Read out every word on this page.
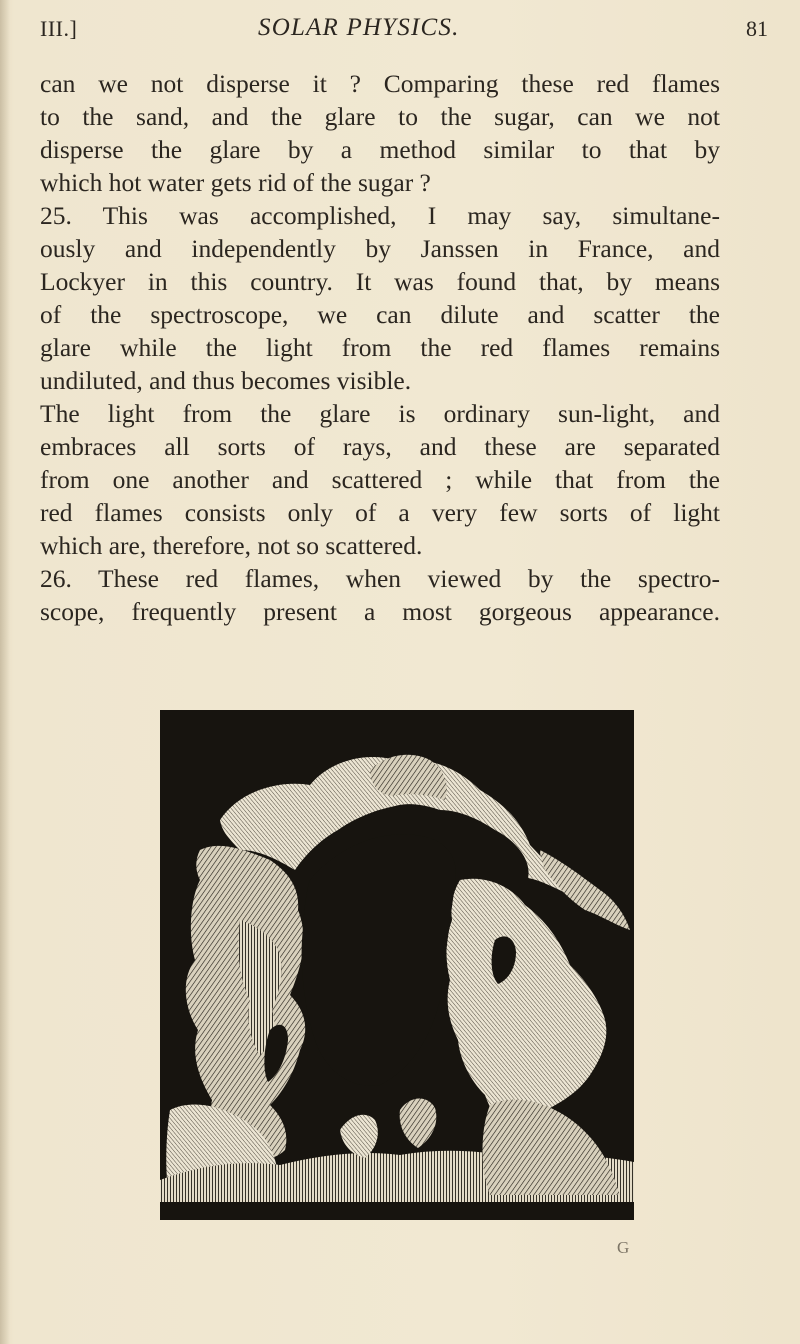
III.]	SOLAR PHYSICS.	81
can we not disperse it ? Comparing these red flames
to the sand, and the glare to the sugar, can we not
disperse the glare by a method similar to that by
which hot water gets rid of the sugar ?
25. This was accomplished, I may say, simultane-
ously and independently by Janssen in France, and
Lockyer in this country. It was found that, by means
of the spectroscope, we can dilute and scatter the
glare while the light from the red flames remains
undiluted, and thus becomes visible.
The light from the glare is ordinary sun-light, and
embraces all sorts of rays, and these are separated
from one another and scattered ; while that from the
red flames consists only of a very few sorts of light
which are, therefore, not so scattered.
26. These red flames, when viewed by the spectro-
scope, frequently present a most gorgeous appearance.
G
